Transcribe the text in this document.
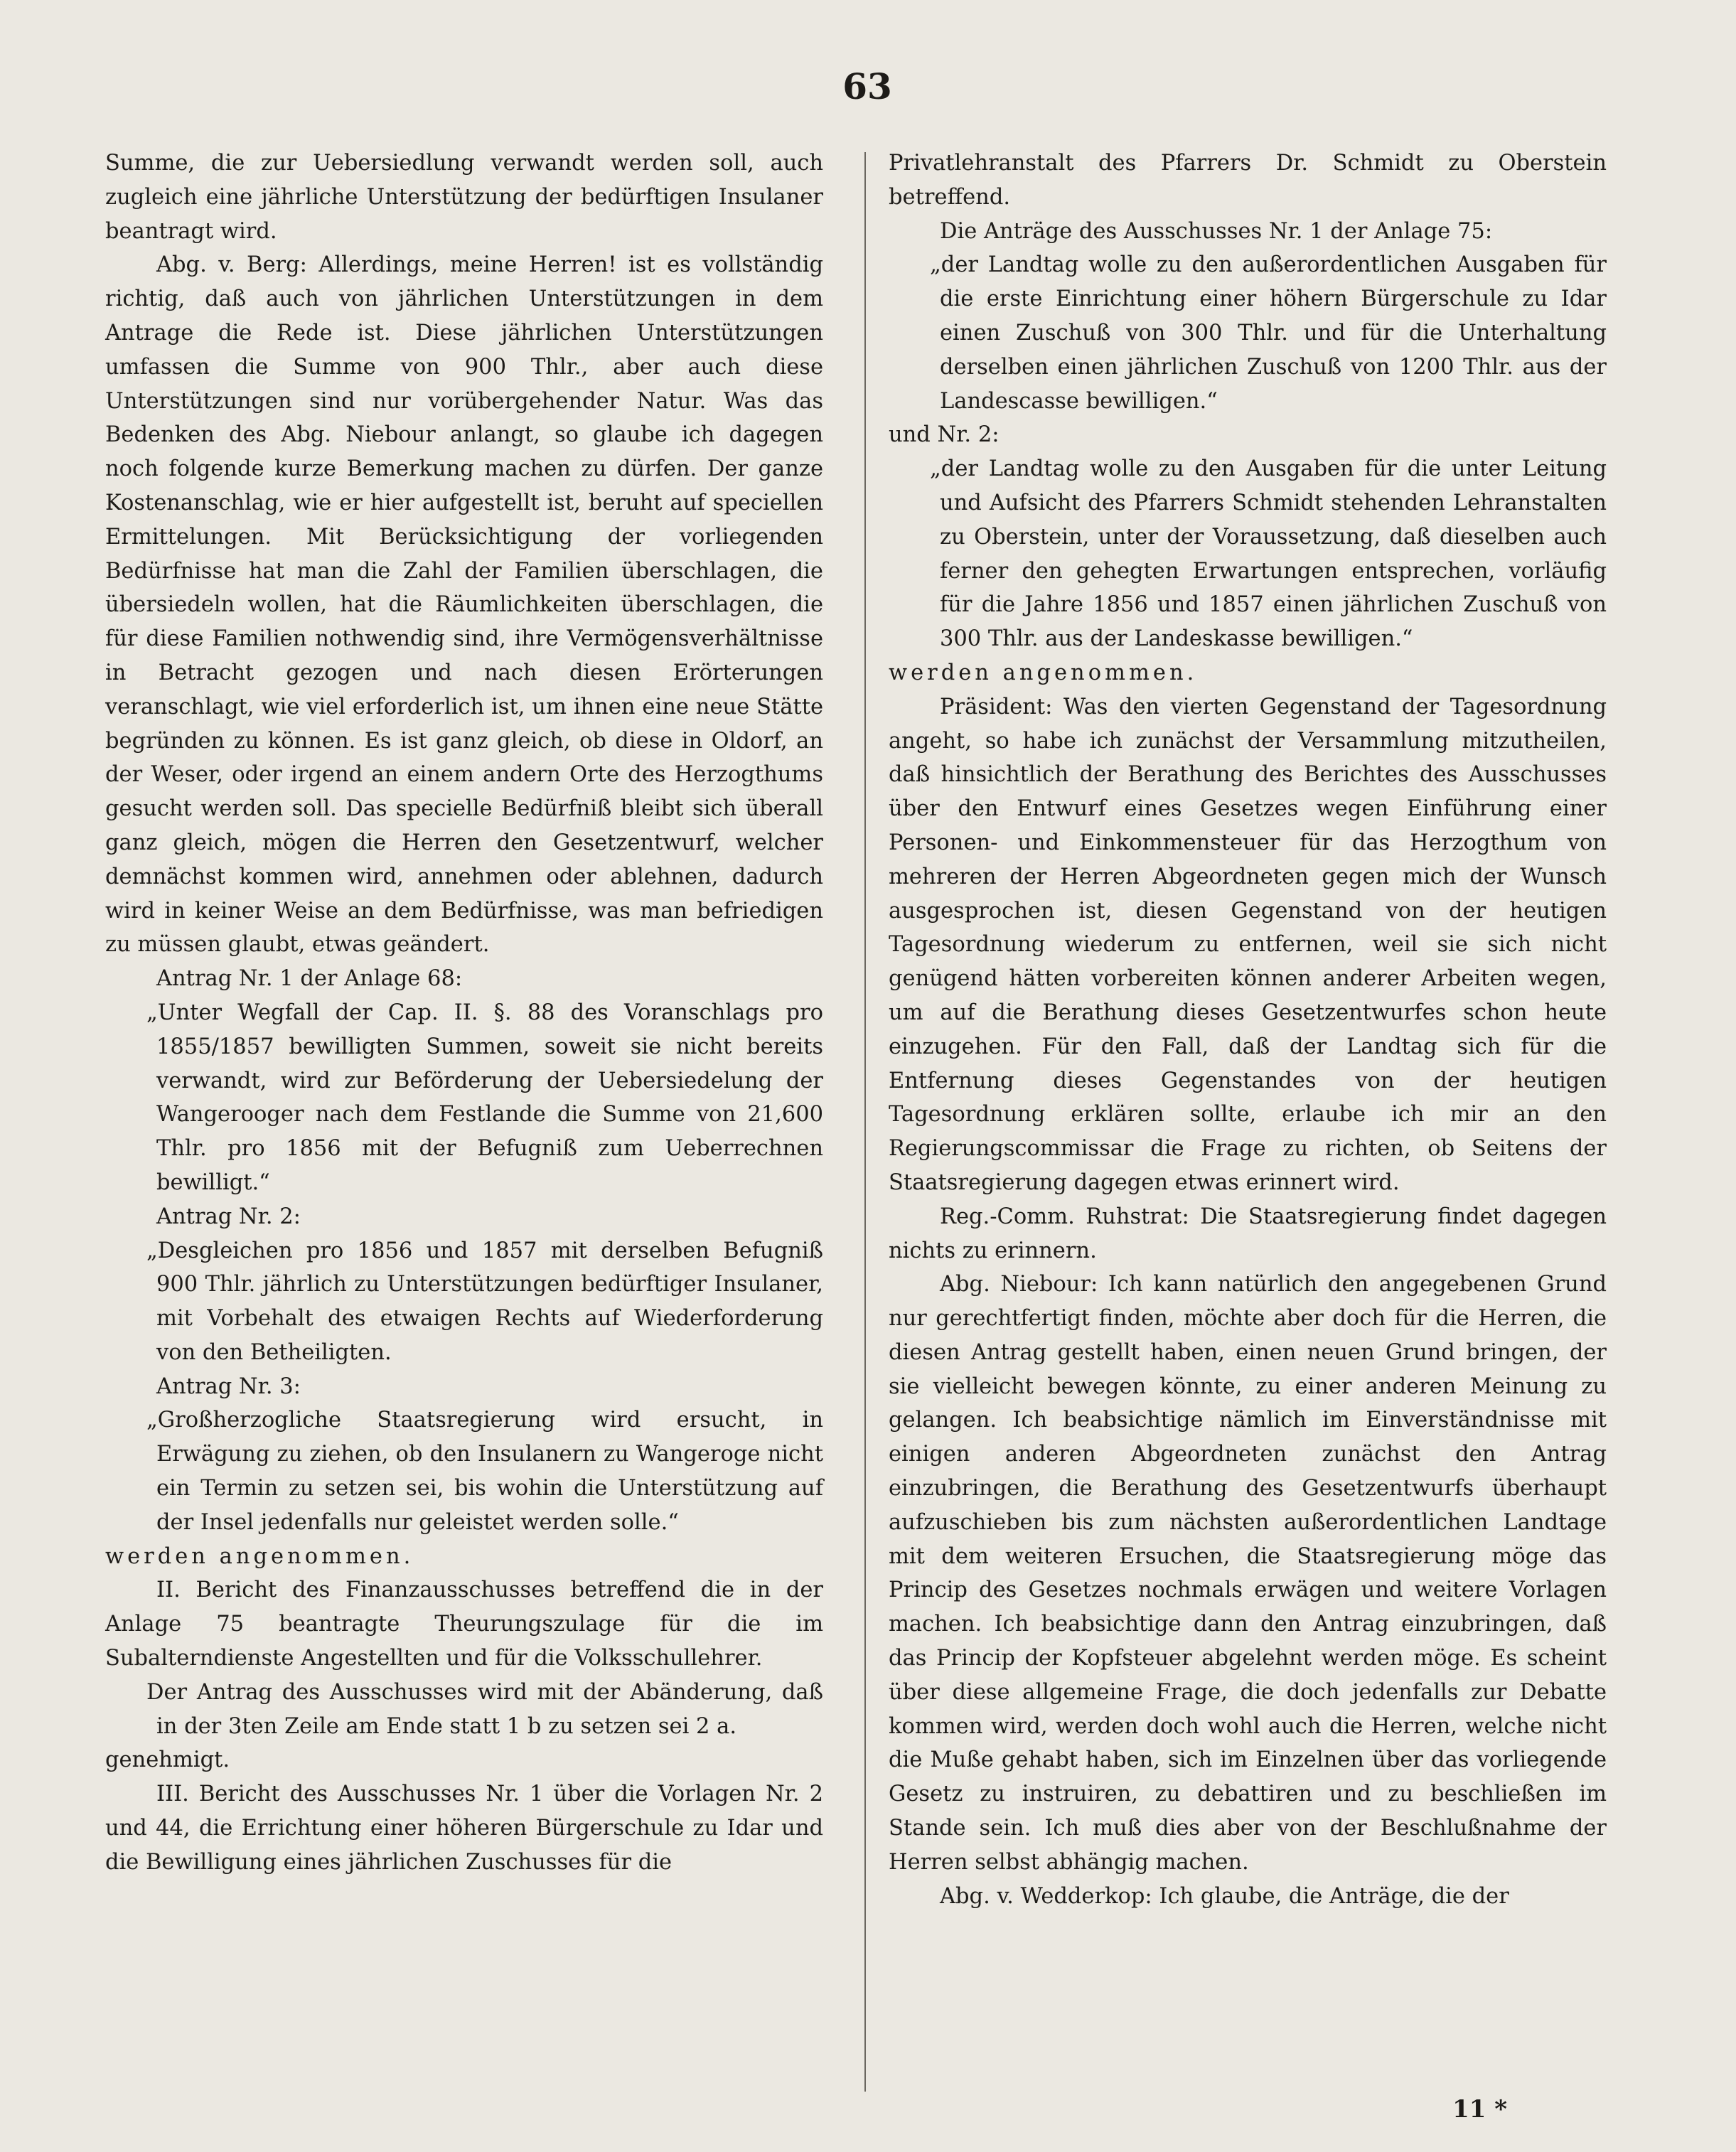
63

Summe, die zur Uebersiedlung verwandt werden soll, auch zugleich eine jährliche Unterstützung der bedürftigen Insulaner beantragt wird.

Abg. v. Berg: Allerdings, meine Herren! ist es vollständig richtig, daß auch von jährlichen Unterstützungen in dem Antrage die Rede ist. Diese jährlichen Unterstützungen umfassen die Summe von 900 Thlr., aber auch diese Unterstützungen sind nur vorübergehender Natur. Was das Bedenken des Abg. Niebour anlangt, so glaube ich dagegen noch folgende kurze Bemerkung machen zu dürfen. Der ganze Kostenanschlag, wie er hier aufgestellt ist, beruht auf speciellen Ermittelungen. Mit Berücksichtigung der vorliegenden Bedürfnisse hat man die Zahl der Familien überschlagen, die übersiedeln wollen, hat die Räumlichkeiten überschlagen, die für diese Familien nothwendig sind, ihre Vermögensverhältnisse in Betracht gezogen und nach diesen Erörterungen veranschlagt, wie viel erforderlich ist, um ihnen eine neue Stätte begründen zu können. Es ist ganz gleich, ob diese in Oldorf, an der Weser, oder irgend an einem andern Orte des Herzogthums gesucht werden soll. Das specielle Bedürfniß bleibt sich überall ganz gleich, mögen die Herren den Gesetzentwurf, welcher demnächst kommen wird, annehmen oder ablehnen, dadurch wird in keiner Weise an dem Bedürfnisse, was man befriedigen zu müssen glaubt, etwas geändert.

Antrag Nr. 1 der Anlage 68:

„Unter Wegfall der Cap. II. §. 88 des Voranschlags pro 1855/1857 bewilligten Summen, soweit sie nicht bereits verwandt, wird zur Beförderung der Uebersiedelung der Wangerooger nach dem Festlande die Summe von 21,600 Thlr. pro 1856 mit der Befugniß zum Ueberrechnen bewilligt.“

Antrag Nr. 2:

„Desgleichen pro 1856 und 1857 mit derselben Befugniß 900 Thlr. jährlich zu Unterstützungen bedürftiger Insulaner, mit Vorbehalt des etwaigen Rechts auf Wiederforderung von den Betheiligten.

Antrag Nr. 3:

„Großherzogliche Staatsregierung wird ersucht, in Erwägung zu ziehen, ob den Insulanern zu Wangeroge nicht ein Termin zu setzen sei, bis wohin die Unterstützung auf der Insel jedenfalls nur geleistet werden solle.“

werden angenommen.

II. Bericht des Finanzausschusses betreffend die in der Anlage 75 beantragte Theurungszulage für die im Subalterndienste Angestellten und für die Volksschullehrer.

Der Antrag des Ausschusses wird mit der Abänderung, daß in der 3ten Zeile am Ende statt 1 b zu setzen sei 2 a.

genehmigt.

III. Bericht des Ausschusses Nr. 1 über die Vorlagen Nr. 2 und 44, die Errichtung einer höheren Bürgerschule zu Idar und die Bewilligung eines jährlichen Zuschusses für die

Privatlehranstalt des Pfarrers Dr. Schmidt zu Oberstein betreffend.

Die Anträge des Ausschusses Nr. 1 der Anlage 75:

„der Landtag wolle zu den außerordentlichen Ausgaben für die erste Einrichtung einer höhern Bürgerschule zu Idar einen Zuschuß von 300 Thlr. und für die Unterhaltung derselben einen jährlichen Zuschuß von 1200 Thlr. aus der Landescasse bewilligen.“

und Nr. 2:

„der Landtag wolle zu den Ausgaben für die unter Leitung und Aufsicht des Pfarrers Schmidt stehenden Lehranstalten zu Oberstein, unter der Voraussetzung, daß dieselben auch ferner den gehegten Erwartungen entsprechen, vorläufig für die Jahre 1856 und 1857 einen jährlichen Zuschuß von 300 Thlr. aus der Landeskasse bewilligen.“

werden angenommen.

Präsident: Was den vierten Gegenstand der Tagesordnung angeht, so habe ich zunächst der Versammlung mitzutheilen, daß hinsichtlich der Berathung des Berichtes des Ausschusses über den Entwurf eines Gesetzes wegen Einführung einer Personen- und Einkommensteuer für das Herzogthum von mehreren der Herren Abgeordneten gegen mich der Wunsch ausgesprochen ist, diesen Gegenstand von der heutigen Tagesordnung wiederum zu entfernen, weil sie sich nicht genügend hätten vorbereiten können anderer Arbeiten wegen, um auf die Berathung dieses Gesetzentwurfes schon heute einzugehen. Für den Fall, daß der Landtag sich für die Entfernung dieses Gegenstandes von der heutigen Tagesordnung erklären sollte, erlaube ich mir an den Regierungscommissar die Frage zu richten, ob Seitens der Staatsregierung dagegen etwas erinnert wird.

Reg.-Comm. Ruhstrat: Die Staatsregierung findet dagegen nichts zu erinnern.

Abg. Niebour: Ich kann natürlich den angegebenen Grund nur gerechtfertigt finden, möchte aber doch für die Herren, die diesen Antrag gestellt haben, einen neuen Grund bringen, der sie vielleicht bewegen könnte, zu einer anderen Meinung zu gelangen. Ich beabsichtige nämlich im Einverständnisse mit einigen anderen Abgeordneten zunächst den Antrag einzubringen, die Berathung des Gesetzentwurfs überhaupt aufzuschieben bis zum nächsten außerordentlichen Landtage mit dem weiteren Ersuchen, die Staatsregierung möge das Princip des Gesetzes nochmals erwägen und weitere Vorlagen machen. Ich beabsichtige dann den Antrag einzubringen, daß das Princip der Kopfsteuer abgelehnt werden möge. Es scheint über diese allgemeine Frage, die doch jedenfalls zur Debatte kommen wird, werden doch wohl auch die Herren, welche nicht die Muße gehabt haben, sich im Einzelnen über das vorliegende Gesetz zu instruiren, zu debattiren und zu beschließen im Stande sein. Ich muß dies aber von der Beschlußnahme der Herren selbst abhängig machen.

Abg. v. Wedderkop: Ich glaube, die Anträge, die der

11 *
